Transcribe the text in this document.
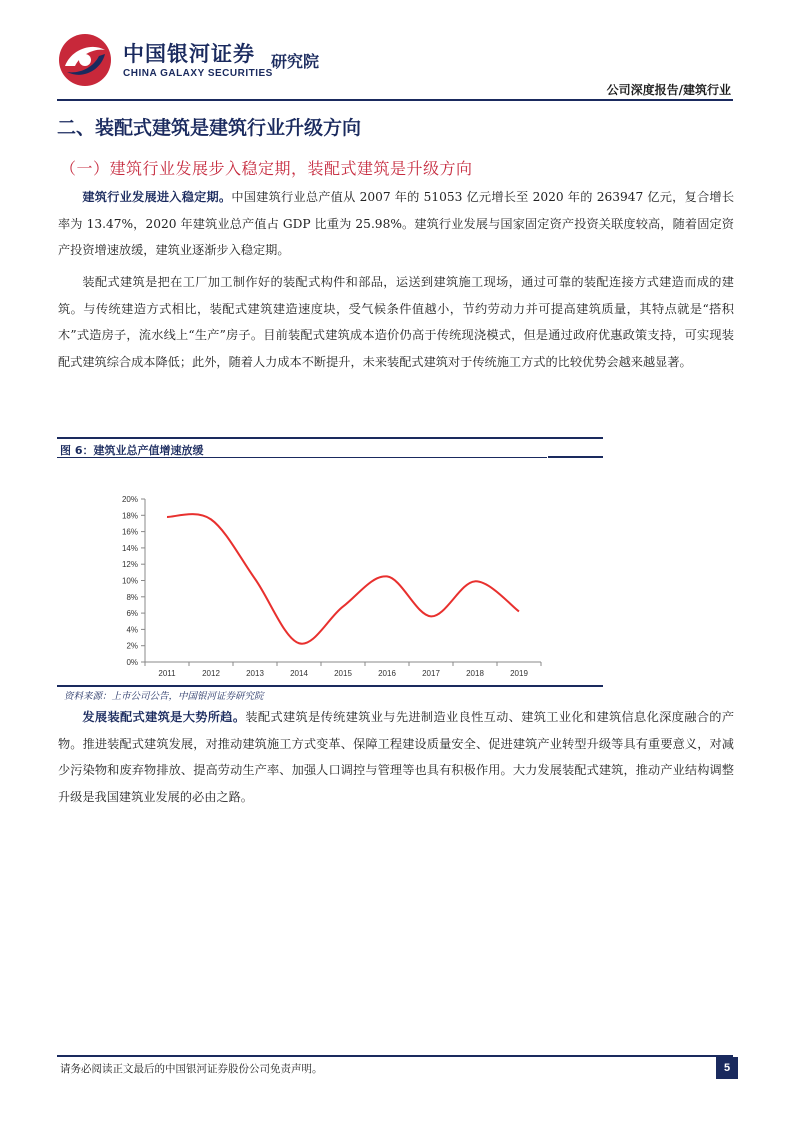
中国银河证券
CHINA GALAXY SECURITIES
研究院
公司深度报告/建筑行业
二、装配式建筑是建筑行业升级方向
（一）建筑行业发展步入稳定期，装配式建筑是升级方向

建筑行业发展进入稳定期。中国建筑行业总产值从 2007 年的 51053 亿元增长至 2020 年的 263947 亿元，复合增长率为 13.47%，2020 年建筑业总产值占 GDP 比重为 25.98%。建筑行业发展与国家固定资产投资关联度较高，随着固定资产投资增速放缓，建筑业逐渐步入稳定期。

装配式建筑是把在工厂加工制作好的装配式构件和部品，运送到建筑施工现场，通过可靠的装配连接方式建造而成的建筑。与传统建造方式相比，装配式建筑建造速度块，受气候条件值越小，节约劳动力并可提高建筑质量，其特点就是“搭积木”式造房子，流水线上“生产”房子。目前装配式建筑成本造价仍高于传统现浇模式，但是通过政府优惠政策支持，可实现装配式建筑综合成本降低；此外，随着人力成本不断提升，未来装配式建筑对于传统施工方式的比较优势会越来越显著。

图 6：建筑业总产值增速放缓
0%
2%
4%
6%
8%
10%
12%
14%
16%
18%
20%
2011	2012	2013	2014	2015	2016	2017	2018	2019
资料来源：上市公司公告，中国银河证券研究院

发展装配式建筑是大势所趋。装配式建筑是传统建筑业与先进制造业良性互动、建筑工业化和建筑信息化深度融合的产物。推进装配式建筑发展，对推动建筑施工方式变革、保障工程建设质量安全、促进建筑产业转型升级等具有重要意义，对减少污染物和废弃物排放、提高劳动生产率、加强人口调控与管理等也具有积极作用。大力发展装配式建筑，推动产业结构调整升级是我国建筑业发展的必由之路。

请务必阅读正文最后的中国银河证券股份公司免责声明。	5
